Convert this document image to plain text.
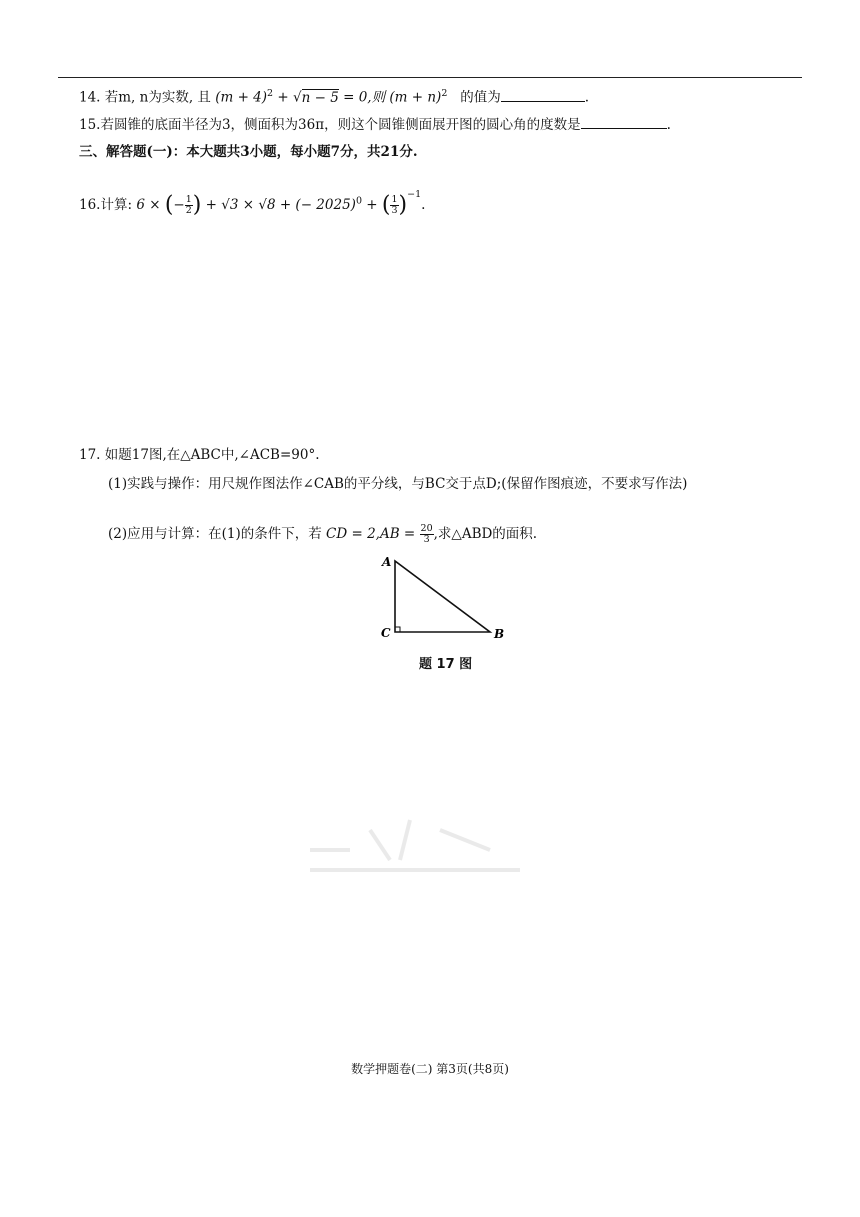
14. 若m, n为实数, 且 $(m + 4)^2 + √n - 5 = 0$,则 $(m + n)^2$ 的值为	.
15.若圆锥的底面半径为3，侧面积为36π，则这个圆锥侧面展开图的圆心角的度数是	.
三、解答题(一)：本大题共3小题，每小题7分，共21分.
16.计算: 6 × (− $\frac{1}{2}$ ) + √3 × √8 + (− 2025)$^0$ + ( $\frac{1}{3} )^{-1}$.
17. 如题17图,在△ABC中,∠ACB=90°.
(1)实践与操作：用尺规作图法作∠CAB的平分线，与BC交于点D;(保留作图痕迹，不要求写作法)
(2)应用与计算：在(1)的条件下，若 CD = $2,AB = \frac{20}{3}$ ,求△ABD的面积.
A
C	B
题 17 图
数学押题卷(二) 第3页(共8页)
